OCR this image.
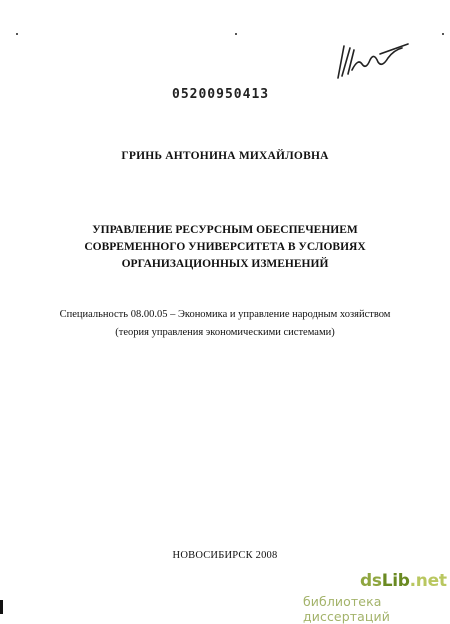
05200950413
ГРИНЬ АНТОНИНА МИХАЙЛОВНА
УПРАВЛЕНИЕ РЕСУРСНЫМ ОБЕСПЕЧЕНИЕМ
СОВРЕМЕННОГО УНИВЕРСИТЕТА В УСЛОВИЯХ
ОРГАНИЗАЦИОННЫХ ИЗМЕНЕНИЙ
Специальность 08.00.05 – Экономика и управление народным хозяйством
(теория управления экономическими системами)
НОВОСИБИРСК 2008
dsLib.net
библиотека диссертаций
